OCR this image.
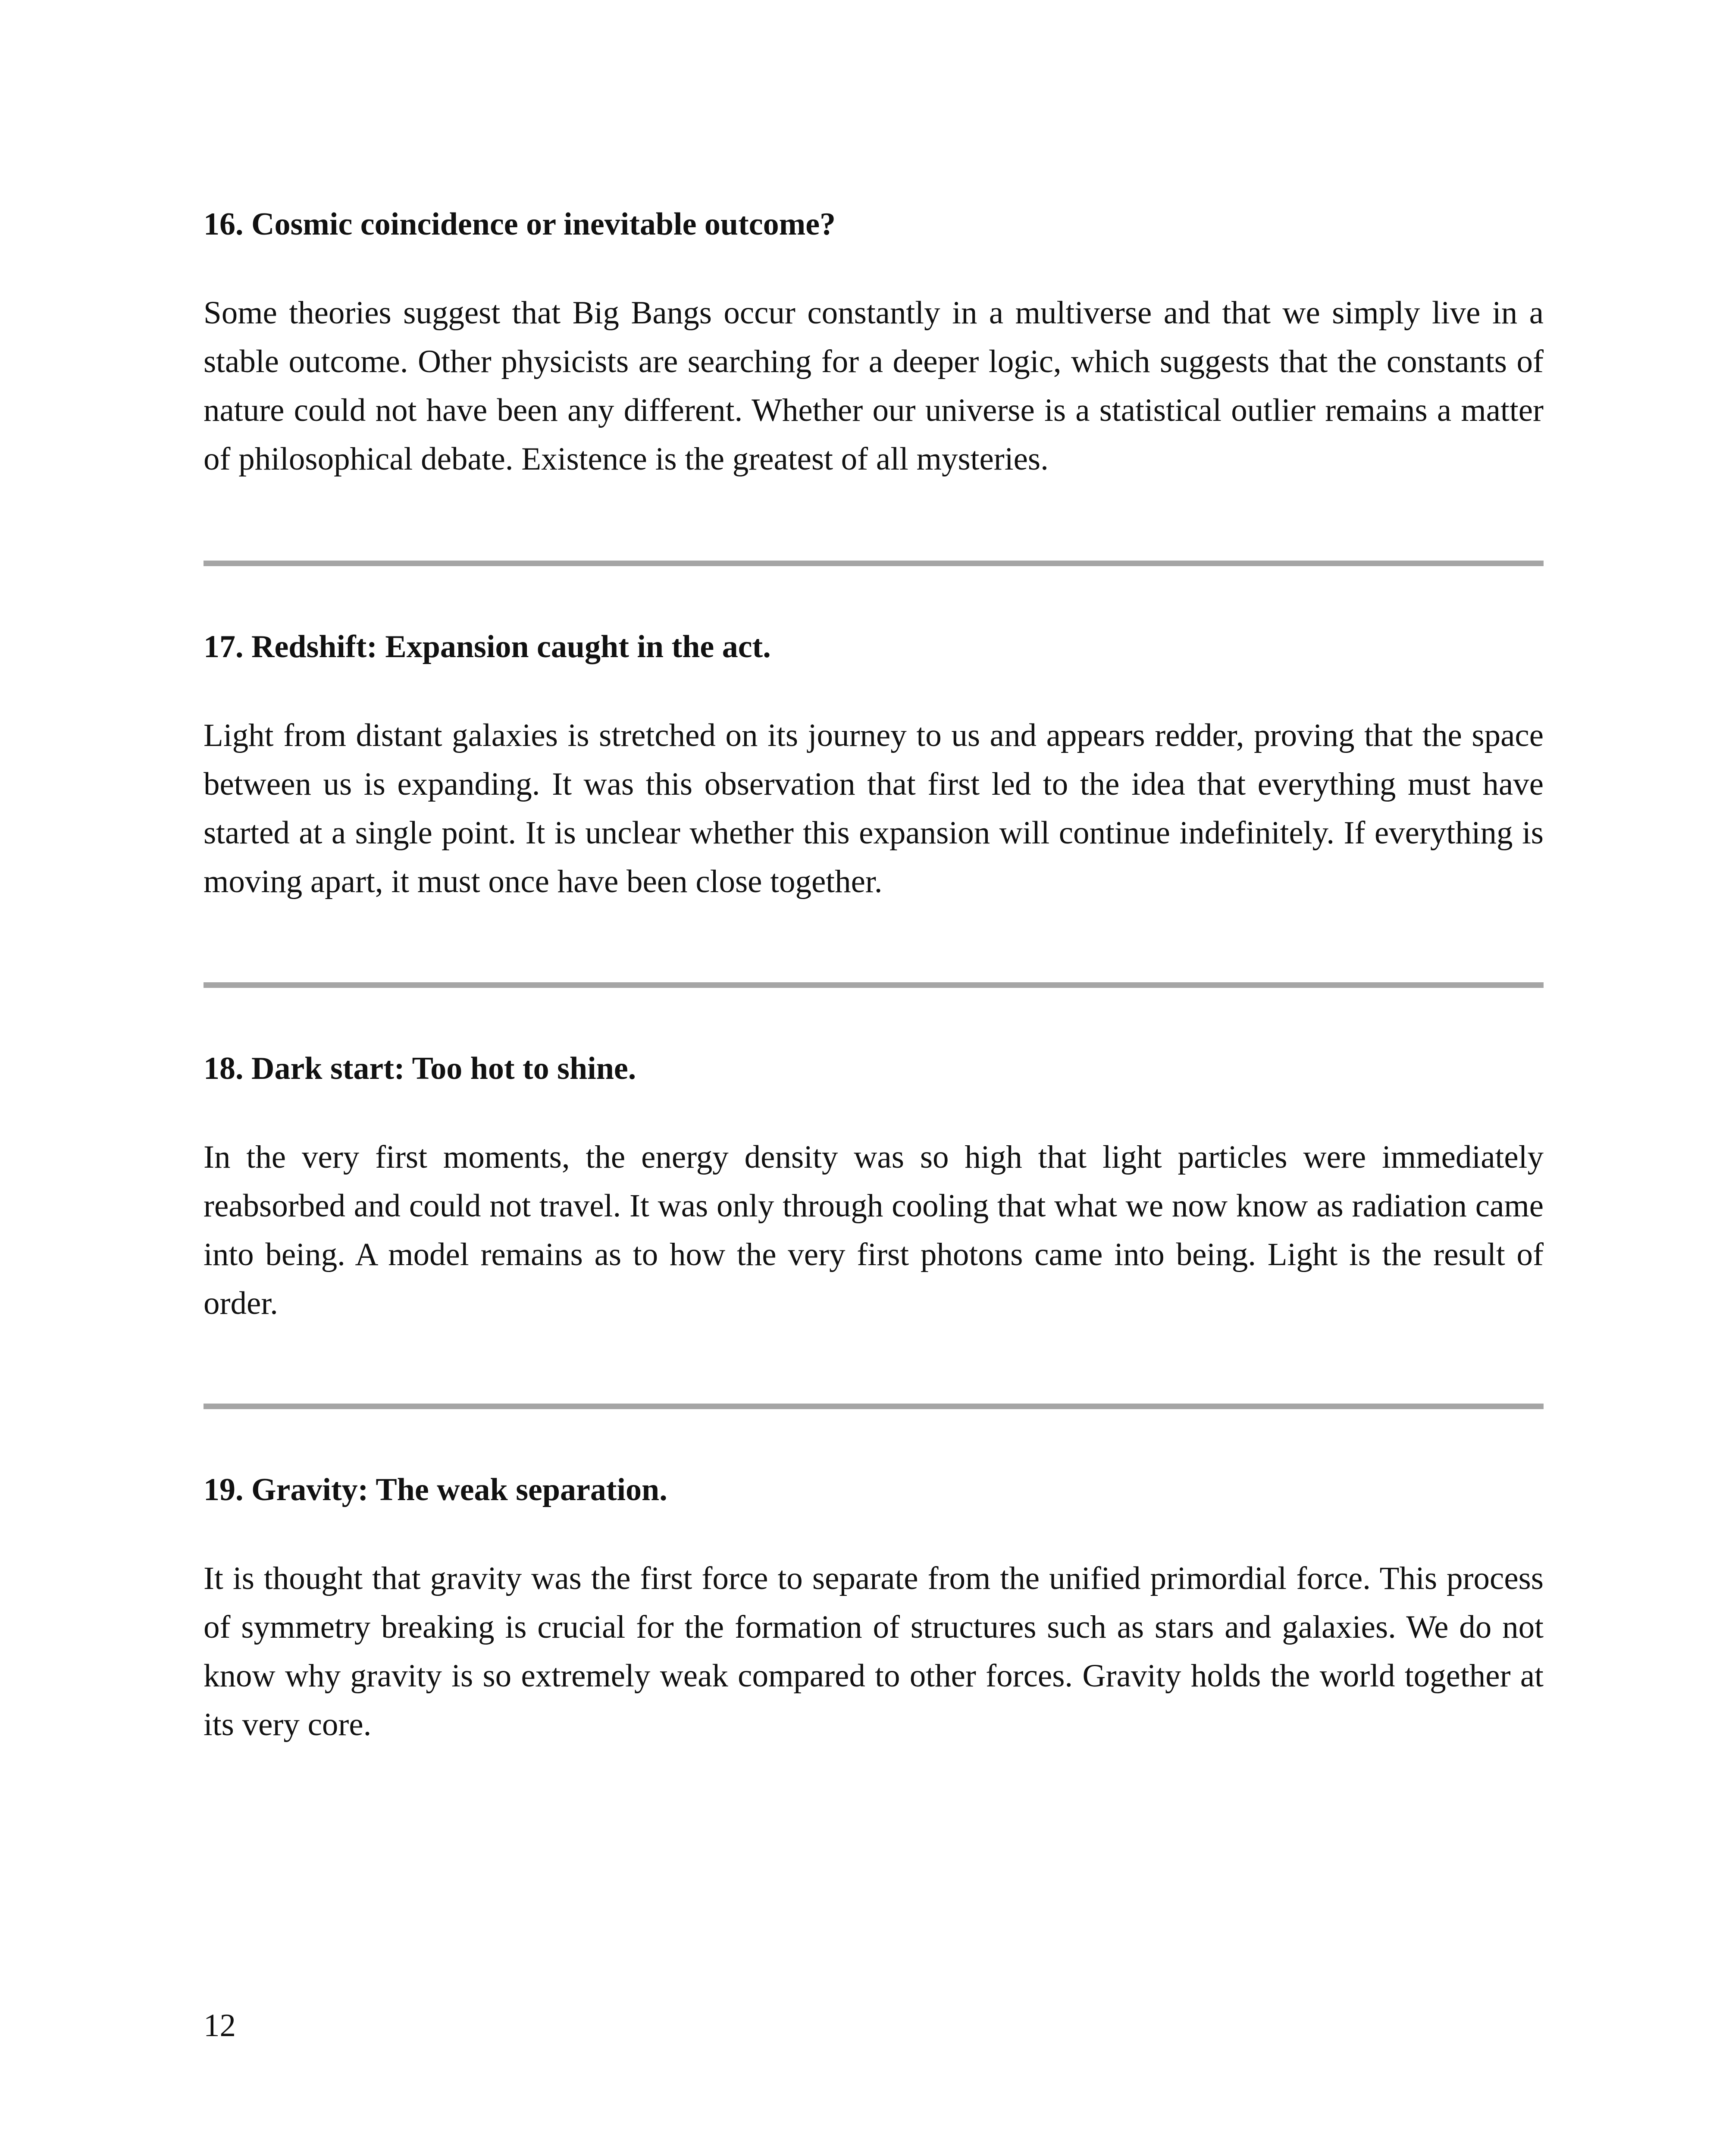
16. Cosmic coincidence or inevitable outcome?

Some theories suggest that Big Bangs occur constantly in a multiverse and that we simply live in a stable outcome. Other physicists are searching for a deeper logic, which suggests that the constants of nature could not have been any different. Whether our universe is a statistical outlier remains a matter of philosophical debate. Existence is the greatest of all mysteries.

17. Redshift: Expansion caught in the act.

Light from distant galaxies is stretched on its journey to us and appears redder, proving that the space between us is expanding. It was this observation that first led to the idea that everything must have started at a single point. It is unclear whether this expansion will continue indefinitely. If everything is moving apart, it must once have been close together.

18. Dark start: Too hot to shine.

In the very first moments, the energy density was so high that light particles were immediately reabsorbed and could not travel. It was only through cooling that what we now know as radiation came into being. A model remains as to how the very first photons came into being. Light is the result of order.

19. Gravity: The weak separation.

It is thought that gravity was the first force to separate from the unified primordial force. This process of symmetry breaking is crucial for the formation of structures such as stars and galaxies. We do not know why gravity is so extremely weak compared to other forces. Gravity holds the world together at its very core.

12
